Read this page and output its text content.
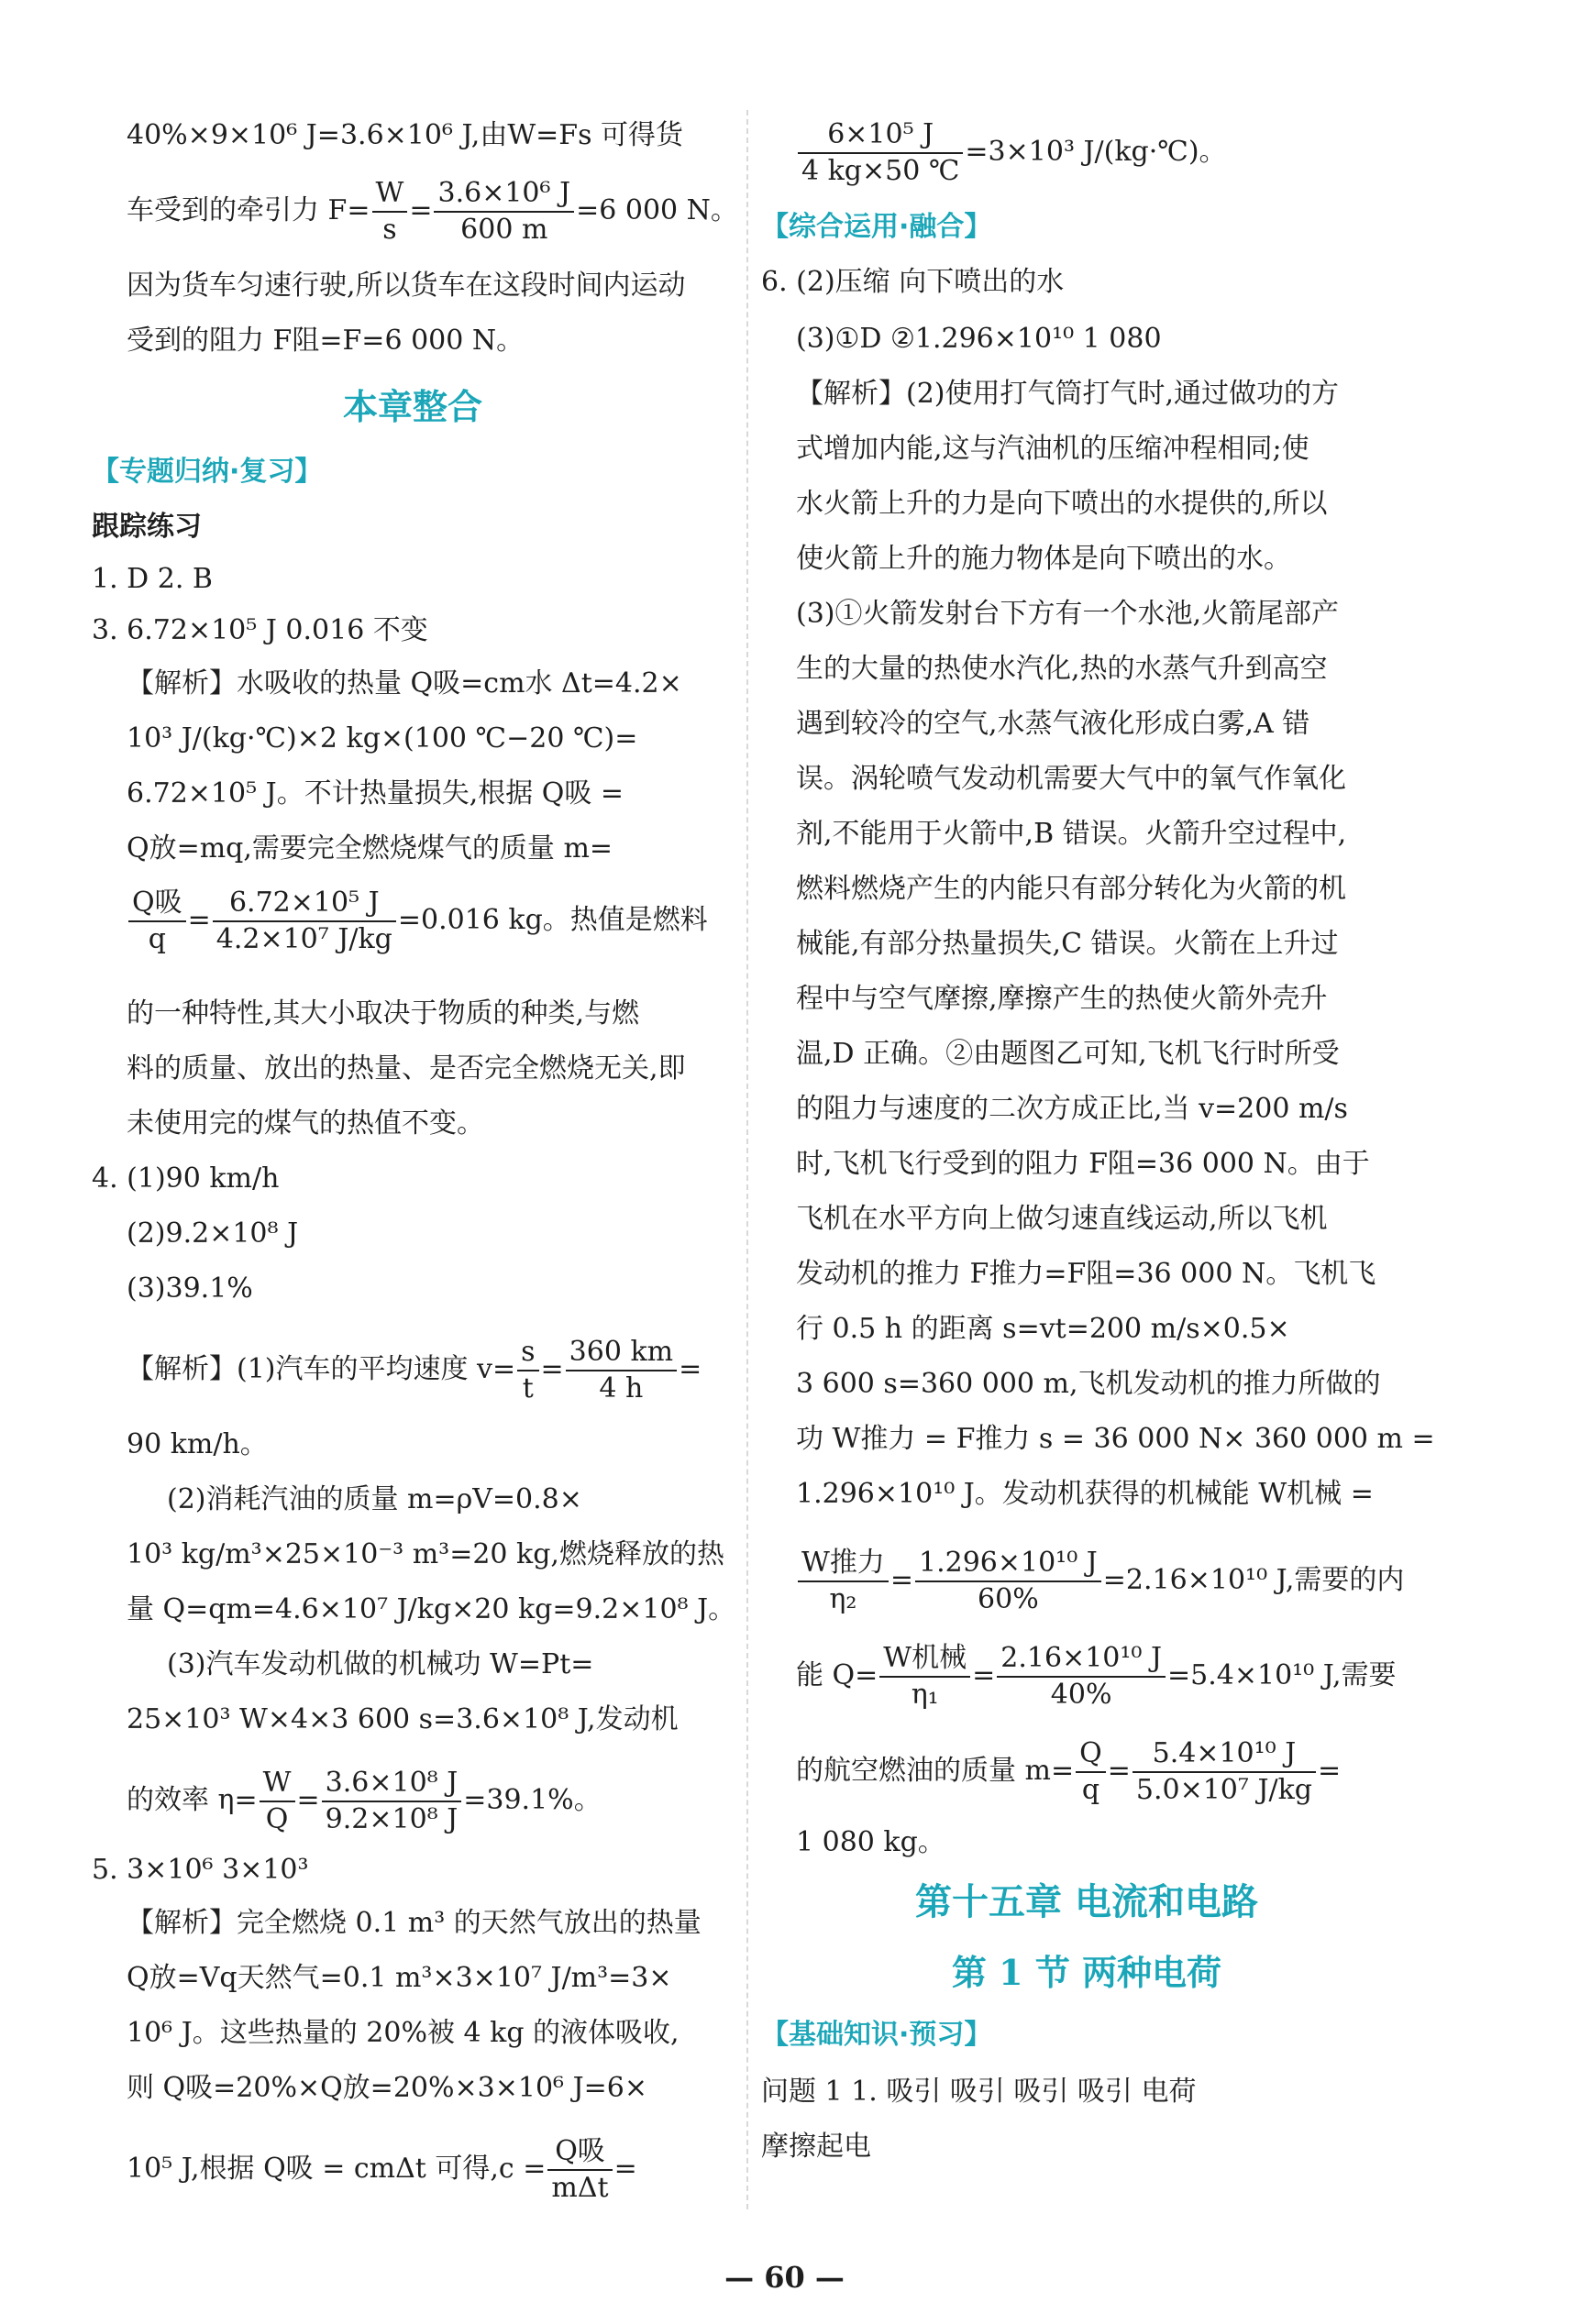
40%×9×10⁶ J=3.6×10⁶ J,由W=Fs 可得货
车受到的牵引力 $F= \frac{W}{s} = \frac{\text{3.6×10⁶ J}}{600 m} =6$ 000 N。
因为货车匀速行驶,所以货车在这段时间内运动
受到的阻力 F阻=F=6 000 N。
本章整合
【专题归纳·复习】
跟踪练习
1. D 2. B
3. 6.72×10⁵ J 0.016 不变
【解析】水吸收的热量 Q吸=cm水 Δt=4.2×
10³ J/(kg·℃)×2 kg×(100 ℃−20 ℃)=
6.72×10⁵ J。不计热量损失,根据 Q吸 =
Q放=mq,需要完全燃烧煤气的质量 m=
$\frac{\text{Q吸}}{q} = \frac{\text{6.72×10⁵ J}}{\text{4.2×10⁷ J/kg}} =0.016$ kg。热值是燃料
的一种特性,其大小取决于物质的种类,与燃
料的质量、放出的热量、是否完全燃烧无关,即
未使用完的煤气的热值不变。
4. (1)90 km/h
(2)9.2×10⁸ J
(3)39.1%
【解析】(1)汽车的平均速度 $v= \frac{s}{t} = \frac{360 km}{4 h}$ =
90 km/h。
(2)消耗汽油的质量 m=ρV=0.8×
10³ kg/m³×25×10⁻³ m³=20 kg,燃烧释放的热
量 Q=qm=4.6×10⁷ J/kg×20 kg=9.2×10⁸ J。
(3)汽车发动机做的机械功 W=Pt=
25×10³ W×4×3 600 s=3.6×10⁸ J,发动机
的效率 $\eta= \frac{W}{Q} = \frac{\text{3.6×10⁸ J}}{\text{9.2×10⁸ J}} =39.1\%$。
5. 3×10⁶ 3×10³
【解析】完全燃烧 0.1 m³ 的天然气放出的热量
Q放=Vq天然气=0.1 m³×3×10⁷ J/m³=3×
10⁶ J。这些热量的 20%被 4 kg 的液体吸收,
则 Q吸=20%×Q放=20%×3×10⁶ J=6×
10⁵ J,根据 Q吸 = cmΔt 可得$,c = \frac{\text{Q吸}}{\text{mΔt}}$ =
$\frac{\text{6×10⁵ J}}{4 kg\times 50 ℃} =3\times 10^3$ J/(kg·℃)。
【综合运用·融合】
6. (2)压缩 向下喷出的水
(3)①D ②1.296×10¹⁰ 1 080
【解析】(2)使用打气筒打气时,通过做功的方
式增加内能,这与汽油机的压缩冲程相同;使
水火箭上升的力是向下喷出的水提供的,所以
使火箭上升的施力物体是向下喷出的水。
(3)①火箭发射台下方有一个水池,火箭尾部产
生的大量的热使水汽化,热的水蒸气升到高空
遇到较冷的空气,水蒸气液化形成白雾,A 错
误。涡轮喷气发动机需要大气中的氧气作氧化
剂,不能用于火箭中,B 错误。火箭升空过程中,
燃料燃烧产生的内能只有部分转化为火箭的机
械能,有部分热量损失,C 错误。火箭在上升过
程中与空气摩擦,摩擦产生的热使火箭外壳升
温,D 正确。②由题图乙可知,飞机飞行时所受
的阻力与速度的二次方成正比,当 v=200 m/s
时,飞机飞行受到的阻力 F阻=36 000 N。由于
飞机在水平方向上做匀速直线运动,所以飞机
发动机的推力 F推力=F阻=36 000 N。飞机飞
行 0.5 h 的距离 s=vt=200 m/s×0.5×
3 600 s=360 000 m,飞机发动机的推力所做的
功 W推力 = F推力 s = 36 000 N× 360 000 m =
1.296×10¹⁰ J。发动机获得的机械能 W机械 =
$\frac{\text{W推力}}{\text{η₂}} = \frac{\text{1.296×10¹⁰ J}}{60\%} =2.16\times 10^{10}$ J,需要的内
能 $Q= \frac{\text{W机械}}{\text{η₁}} = \frac{\text{2.16×10¹⁰ J}}{40\%} =5.4\times 10^{10}$ J,需要
的航空燃油的质量 $m= \frac{Q}{q} = \frac{\text{5.4×10¹⁰ J}}{\text{5.0×10⁷ J/kg}}$ =
1 080 kg。
第十五章 电流和电路
第 1 节 两种电荷
【基础知识·预习】
问题 1 1. 吸引 吸引 吸引 吸引 电荷
摩擦起电
— 60 —
